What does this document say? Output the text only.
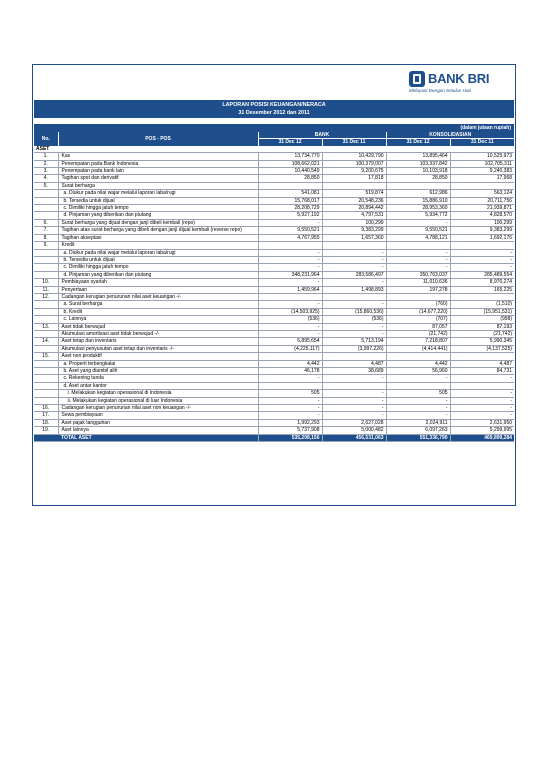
BANK BRI
Melayani Dengan Setulus Hati
LAPORAN POSISI KEUANGAN/NERACA
31 Desember 2012 dan 2011
(dalam jutaan rupiah)
No.	POS - POS	BANK		KONSOLIDASIAN	
		31 Dec 12	31 Dec 11	31 Dec 12	31 Dec 11
ASET					
1.	Kas	13,734,770	10,429,790	13,895,464	10,525,973
2.	Penempatan pada Bank Indonesia	108,662,021	100,379,007	103,337,842	102,705,311
3.	Penempatan pada bank lain	10,440,549	9,200,675	10,103,918	9,240,383
4.	Tagihan spot dan derivatif	28,850	17,818	28,850	17,968
5.	Surat berharga				
	a. Diukur pada nilai wajar melalui laporan laba/rugi	541,081	519,874	612,986	563,124
	b. Tersedia untuk dijual	15,768,017	20,548,236	15,886,910	20,711,756
	c. Dimiliki hingga jatuh tempo	28,208,729	20,894,442	28,953,360	21,939,871
	d. Pinjaman yang diberikan dan piutang	5,927,192	4,797,531	5,934,772	4,828,570
6.	Surat berharga yang dijual dengan janji dibeli kembali (repo)	-	100,299	-	100,299
7.	Tagihan atas surat berharga yang dibeli dengan janji dijual kembali (reverse repo)	9,550,521	9,383,299	9,550,521	9,383,299
8.	Tagihan akseptasi	4,767,955	1,657,360	4,788,121	1,692,176
9.	Kredit				
	a. Diukur pada nilai wajar melalui laporan laba/rugi	-	-	-	-
	b. Tersedia untuk dijual	-	-	-	-
	c. Dimiliki hingga jatuh tempo	-	-	-	-
	d. Pinjaman yang diberikan dan piutang	348,231,964	283,586,497	350,763,037	285,489,554
10.	Pembiayaan syariah	-	-	11,010,636	8,970,274
11.	Penyertaan	1,459,964	1,498,893	197,278	165,225
12.	Cadangan kerugian penurunan nilai aset keuangan -/-				
	a. Surat berharga	-	-	(760)	(1,510)
	b. Kredit	(14,503,925)	(15,860,536)	(14,677,220)	(15,951,531)
	c. Lainnya	(536)	(536)	(707)	(998)
13.	Aset tidak berwujud	-	-	87,057	87,193
	Akumulasi amortisasi aset tidak berwujud -/-	-	-	(21,742)	(21,742)
14.	Aset tetap dan inventaris	6,895,654	5,713,194	7,218,807	5,990,345
	Akumulasi penyusutan aset tetap dan inventaris -/-	(4,225,117)	(3,997,226)	(4,414,441)	(4,137,525)
15.	Aset non produktif				
	a. Properti terbengkalai	4,442	4,487	4,442	4,487
	b. Aset yang diambil alih	46,178	38,689	56,960	84,731
	c. Rekening tunda	-	-	-	-
	d. Aset antar kantor				
	i. Melakukan kegiatan operasional di Indonesia	505	-	505	-
	ii. Melakukan kegiatan operasional di luar Indonesia	-	-	-	-
16.	Cadangan kerugian penurunan nilai aset non keuangan -/-	-	-	-	-
17.	Sewa pembiayaan	-	-	-	-
18.	Aset pajak tangguhan	1,992,293	2,627,028	2,024,911	2,631,950
19.	Aset lainnya	5,737,908	5,000,482	6,097,263	5,299,995
	TOTAL ASET	535,208,156	456,531,063	551,336,790	469,899,284
